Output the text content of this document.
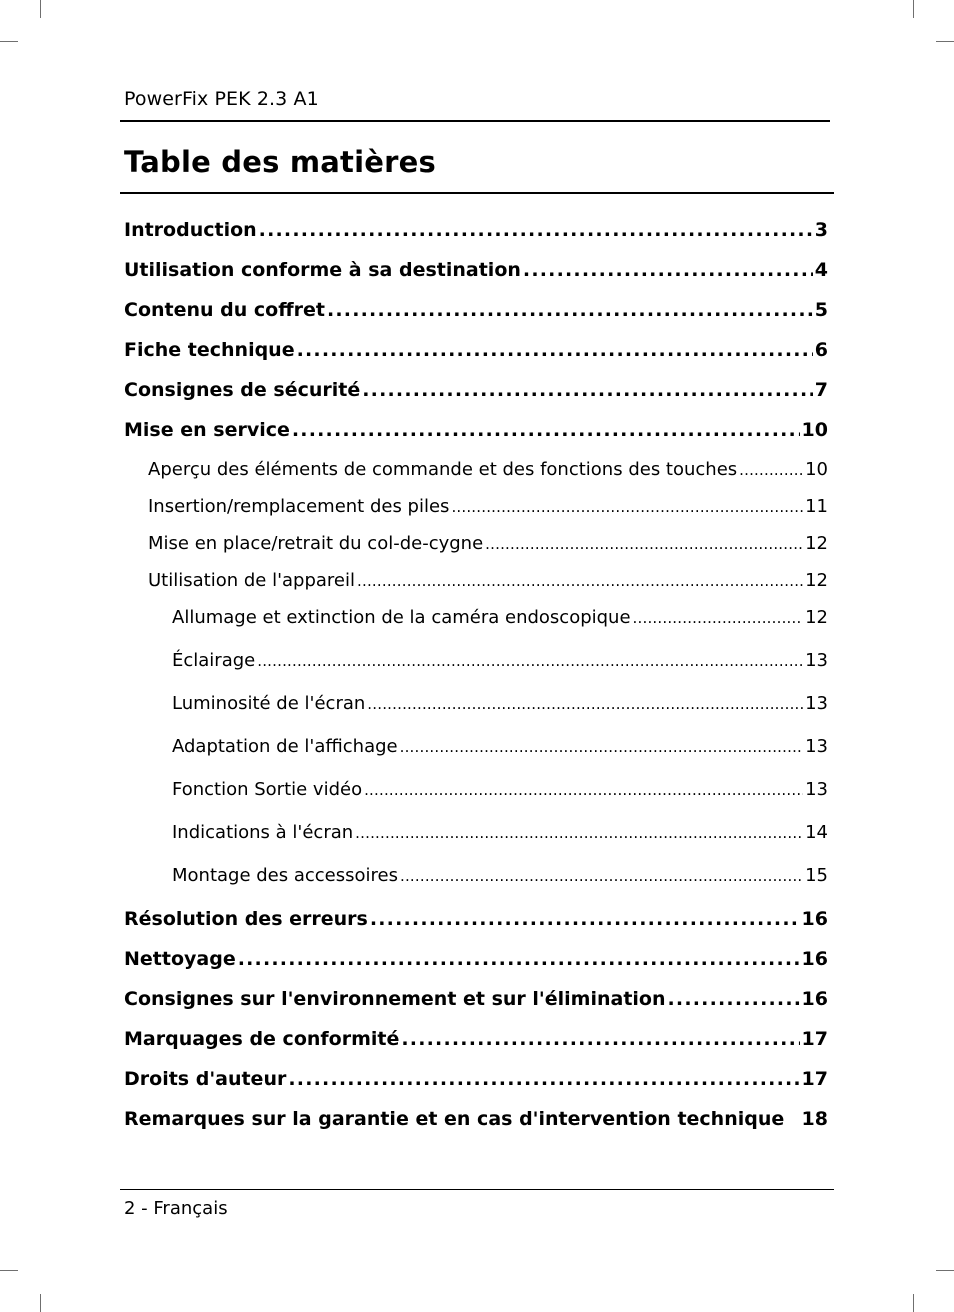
PowerFix PEK 2.3 A1
Table des matières
Introduction .....	3
Utilisation conforme à sa destination .....	4
Contenu du coffret .....	5
Fiche technique .....	6
Consignes de sécurité .....	7
Mise en service .....	10
Aperçu des éléments de commande et des fonctions des touches .....	10
Insertion/remplacement des piles .....	11
Mise en place/retrait du col-de-cygne .....	12
Utilisation de l'appareil .....	12
Allumage et extinction de la caméra endoscopique .....	12
Éclairage .....	13
Luminosité de l'écran .....	13
Adaptation de l'affichage .....	13
Fonction Sortie vidéo .....	13
Indications à l'écran .....	14
Montage des accessoires .....	15
Résolution des erreurs .....	16
Nettoyage .....	16
Consignes sur l'environnement et sur l'élimination .....	16
Marquages de conformité .....	17
Droits d'auteur .....	17
Remarques sur la garantie et en cas d'intervention technique 18
2 - Français
